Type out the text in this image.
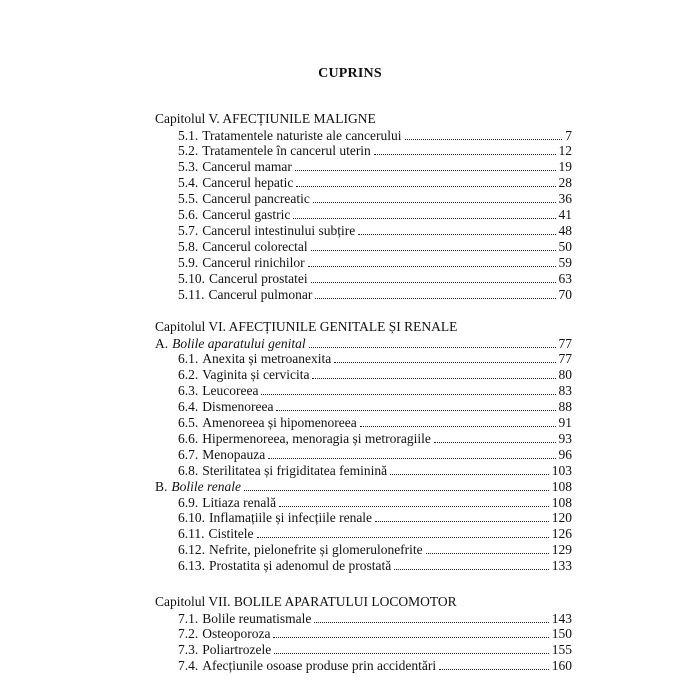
CUPRINS
Capitolul V. AFECȚIUNILE MALIGNE
5.1. Tratamentele naturiste ale cancerului	7
5.2. Tratamentele în cancerul uterin	12
5.3. Cancerul mamar	19
5.4. Cancerul hepatic	28
5.5. Cancerul pancreatic	36
5.6. Cancerul gastric	41
5.7. Cancerul intestinului subțire	48
5.8. Cancerul colorectal	50
5.9. Cancerul rinichilor	59
5.10. Cancerul prostatei	63
5.11. Cancerul pulmonar	70
Capitolul VI. AFECȚIUNILE GENITALE ȘI RENALE
A. Bolile aparatului genital	77
6.1. Anexita și metroanexita	77
6.2. Vaginita și cervicita	80
6.3. Leucoreea	83
6.4. Dismenoreea	88
6.5. Amenoreea și hipomenoreea	91
6.6. Hipermenoreea, menoragia și metroragiile	93
6.7. Menopauza	96
6.8. Sterilitatea și frigiditatea feminină	103
B. Bolile renale	108
6.9. Litiaza renală	108
6.10. Inflamațiile și infecțiile renale	120
6.11. Cistitele	126
6.12. Nefrite, pielonefrite și glomerulonefrite	129
6.13. Prostatita și adenomul de prostată	133
Capitolul VII. BOLILE APARATULUI LOCOMOTOR
7.1. Bolile reumatismale	143
7.2. Osteoporoza	150
7.3. Poliartrozele	155
7.4. Afecțiunile osoase produse prin accidentări	160
